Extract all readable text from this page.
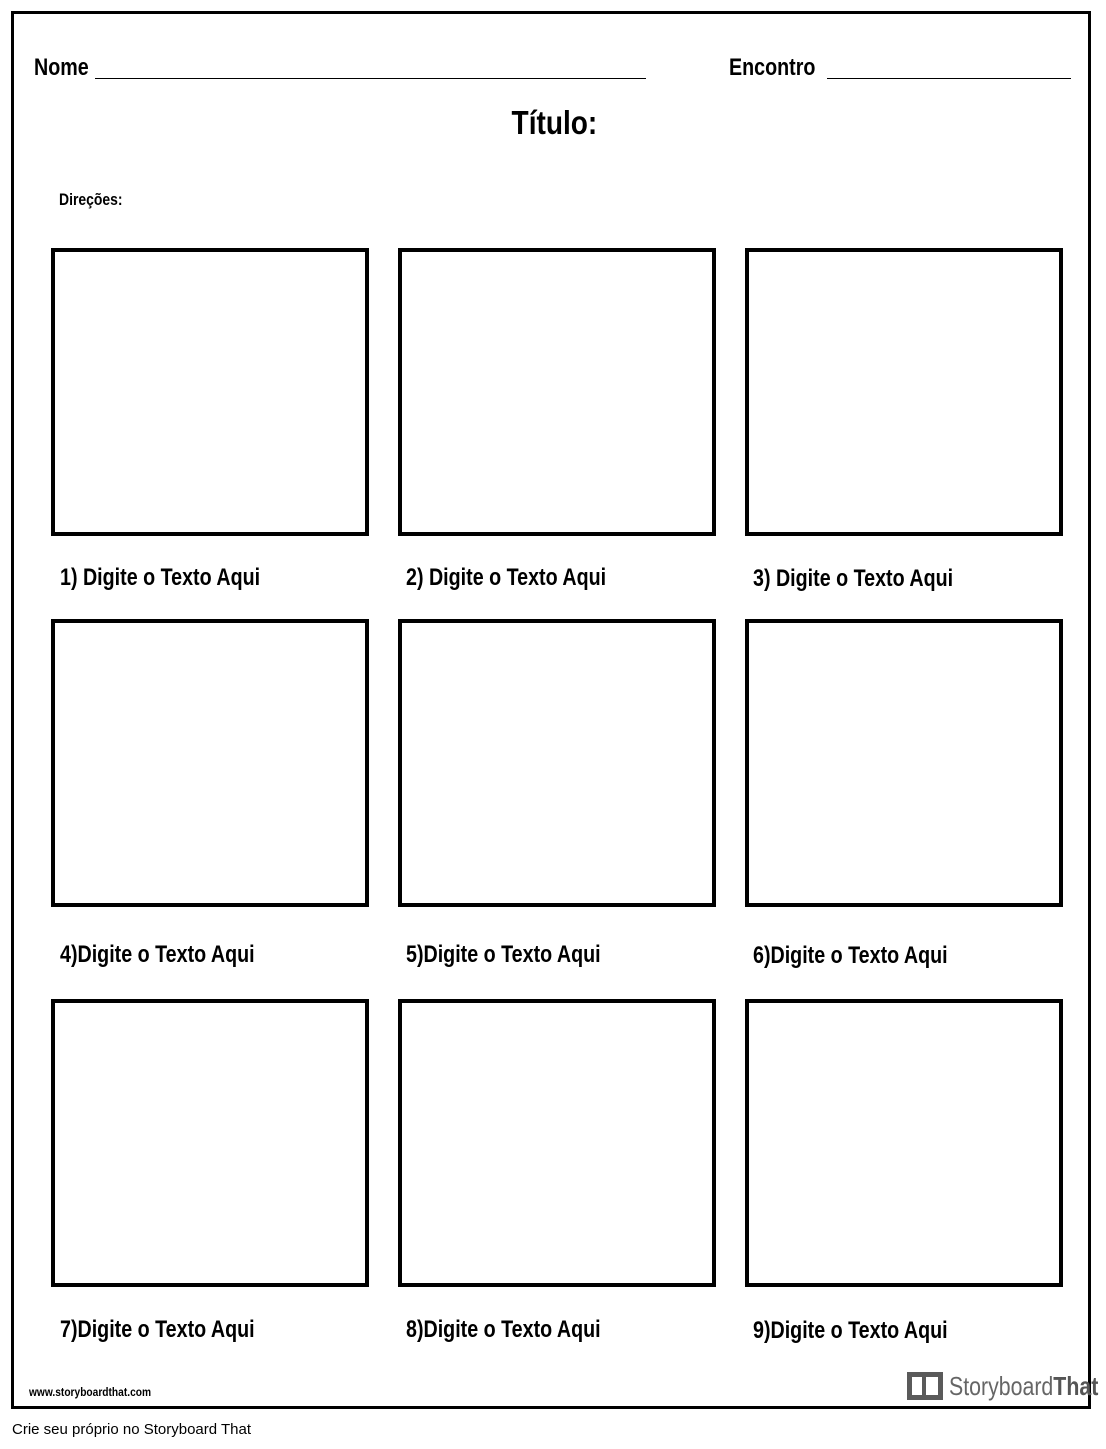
Nome	Encontro
Título:
Direções:
1) Digite o Texto Aqui	2) Digite o Texto Aqui	3) Digite o Texto Aqui
4)Digite o Texto Aqui	5)Digite o Texto Aqui	6)Digite o Texto Aqui
7)Digite o Texto Aqui	8)Digite o Texto Aqui	9)Digite o Texto Aqui
www.storyboardthat.com	StoryboardThat
Crie seu próprio no Storyboard That
